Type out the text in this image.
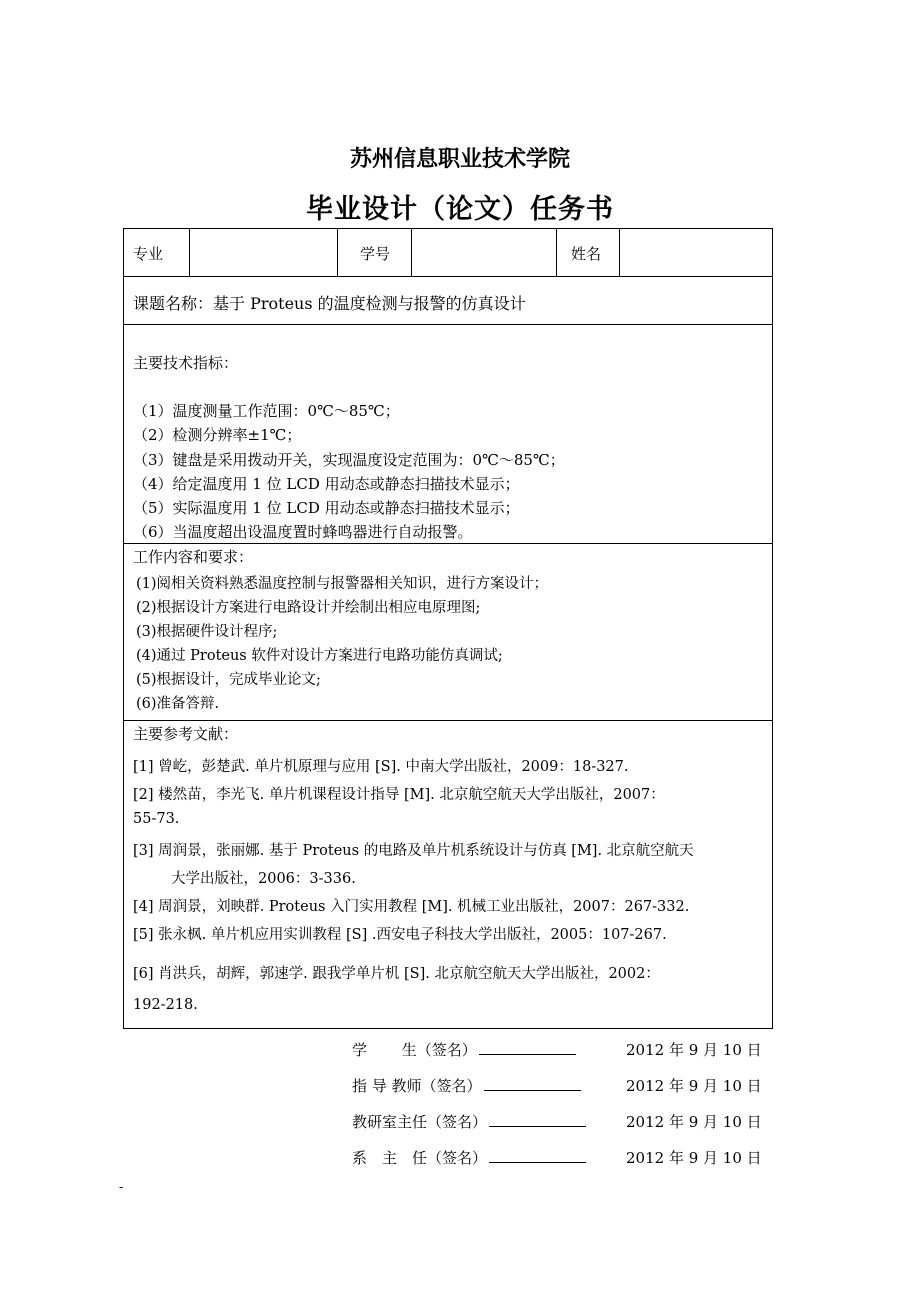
苏州信息职业技术学院
毕业设计（论文）任务书
专业	学号	姓名
课题名称：基于 Proteus 的温度检测与报警的仿真设计
主要技术指标：
（1）温度测量工作范围：0℃～85℃；
（2）检测分辨率±1℃；
（3）键盘是采用拨动开关，实现温度设定范围为：0℃～85℃；
（4）给定温度用 1 位 LCD 用动态或静态扫描技术显示；
（5）实际温度用 1 位 LCD 用动态或静态扫描技术显示；
（6）当温度超出设温度置时蜂鸣器进行自动报警。
工作内容和要求：
(1)阅相关资料熟悉温度控制与报警器相关知识，进行方案设计；
(2)根据设计方案进行电路设计并绘制出相应电原理图;
(3)根据硬件设计程序;
(4)通过 Proteus 软件对设计方案进行电路功能仿真调试;
(5)根据设计，完成毕业论文;
(6)准备答辩.
主要参考文献：
[1] 曾屹，彭楚武. 单片机原理与应用 [S]. 中南大学出版社，2009：18-327.
[2] 楼然苗，李光飞. 单片机课程设计指导 [M]. 北京航空航天大学出版社，2007：
55-73.
[3] 周润景，张丽娜. 基于 Proteus 的电路及单片机系统设计与仿真 [M]. 北京航空航天
大学出版社，2006：3-336.
[4] 周润景，刘映群. Proteus 入门实用教程 [M]. 机械工业出版社，2007：267-332.
[5] 张永枫. 单片机应用实训教程 [S] .西安电子科技大学出版社，2005：107-267.
[6] 肖洪兵，胡辉，郭速学. 跟我学单片机 [S]. 北京航空航天大学出版社，2002：
192-218.
学　　 生（签名）	2012 年 9 月 10 日
指 导 教师（签名）	2012 年 9 月 10 日
教研室主任（签名）	2012 年 9 月 10 日
系　主　任（签名）	2012 年 9 月 10 日
-
